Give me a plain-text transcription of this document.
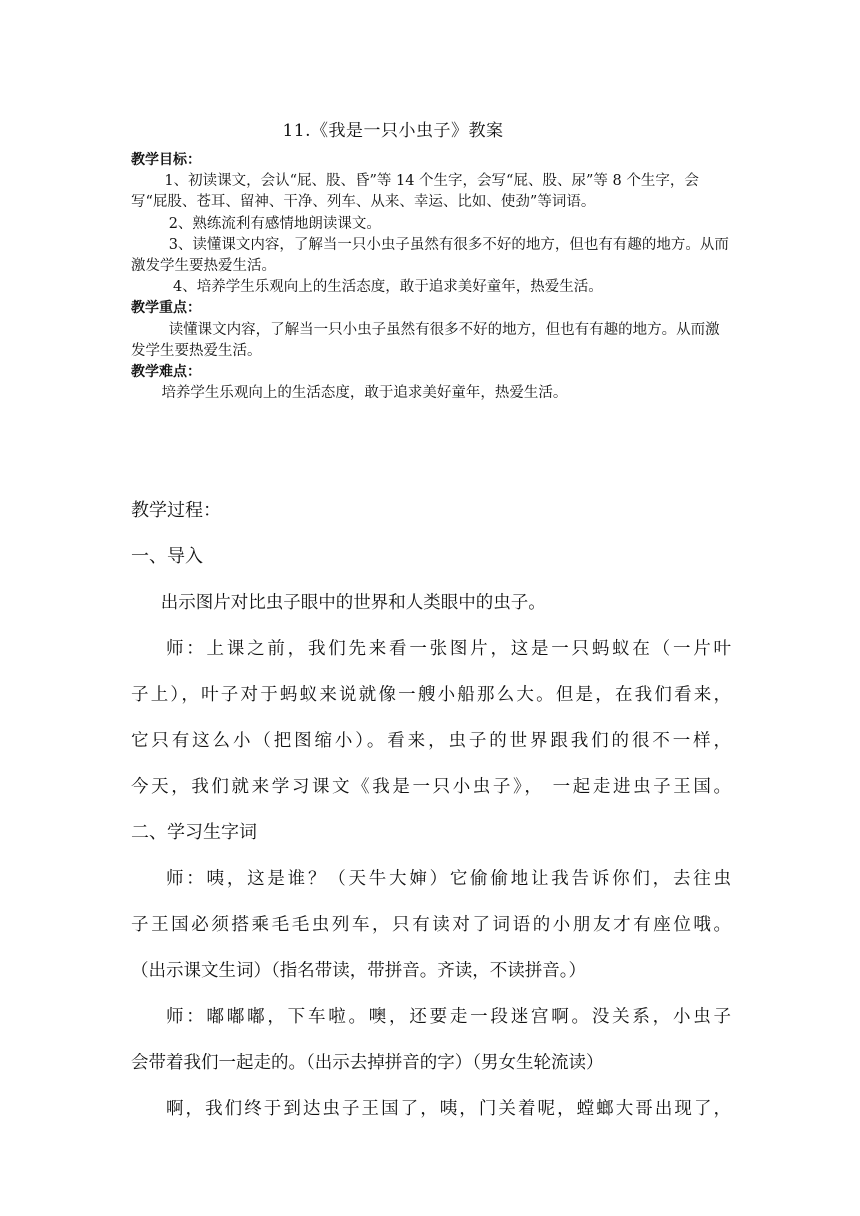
11.《我是一只小虫子》教案

教学目标：

1、初读课文，会认“屁、股、昏”等 14 个生字，会写“屁、股、尿”等 8 个生字，会写“屁股、苍耳、留神、干净、列车、从来、幸运、比如、使劲”等词语。

2、熟练流利有感情地朗读课文。

3、读懂课文内容，了解当一只小虫子虽然有很多不好的地方，但也有有趣的地方。从而激发学生要热爱生活。

4、培养学生乐观向上的生活态度，敢于追求美好童年，热爱生活。

教学重点：

读懂课文内容，了解当一只小虫子虽然有很多不好的地方，但也有有趣的地方。从而激发学生要热爱生活。

教学难点：

培养学生乐观向上的生活态度，敢于追求美好童年，热爱生活。

教学过程：

一、导入

出示图片对比虫子眼中的世界和人类眼中的虫子。

师：上课之前，我们先来看一张图片，这是一只蚂蚁在（一片叶

子上），叶子对于蚂蚁来说就像一艘小船那么大。但是，在我们看来，

它只有这么小（把图缩小）。看来，虫子的世界跟我们的很不一样，

今天，我们就来学习课文《我是一只小虫子》， 一起走进虫子王国。

二、学习生字词

师：咦，这是谁？（天牛大婶）它偷偷地让我告诉你们，去往虫

子王国必须搭乘毛毛虫列车，只有读对了词语的小朋友才有座位哦。

（出示课文生词）（指名带读，带拼音。齐读，不读拼音。）

师：嘟嘟嘟，下车啦。噢，还要走一段迷宫啊。没关系，小虫子

会带着我们一起走的。（出示去掉拼音的字）（男女生轮流读）

啊，我们终于到达虫子王国了，咦，门关着呢，螳螂大哥出现了，
